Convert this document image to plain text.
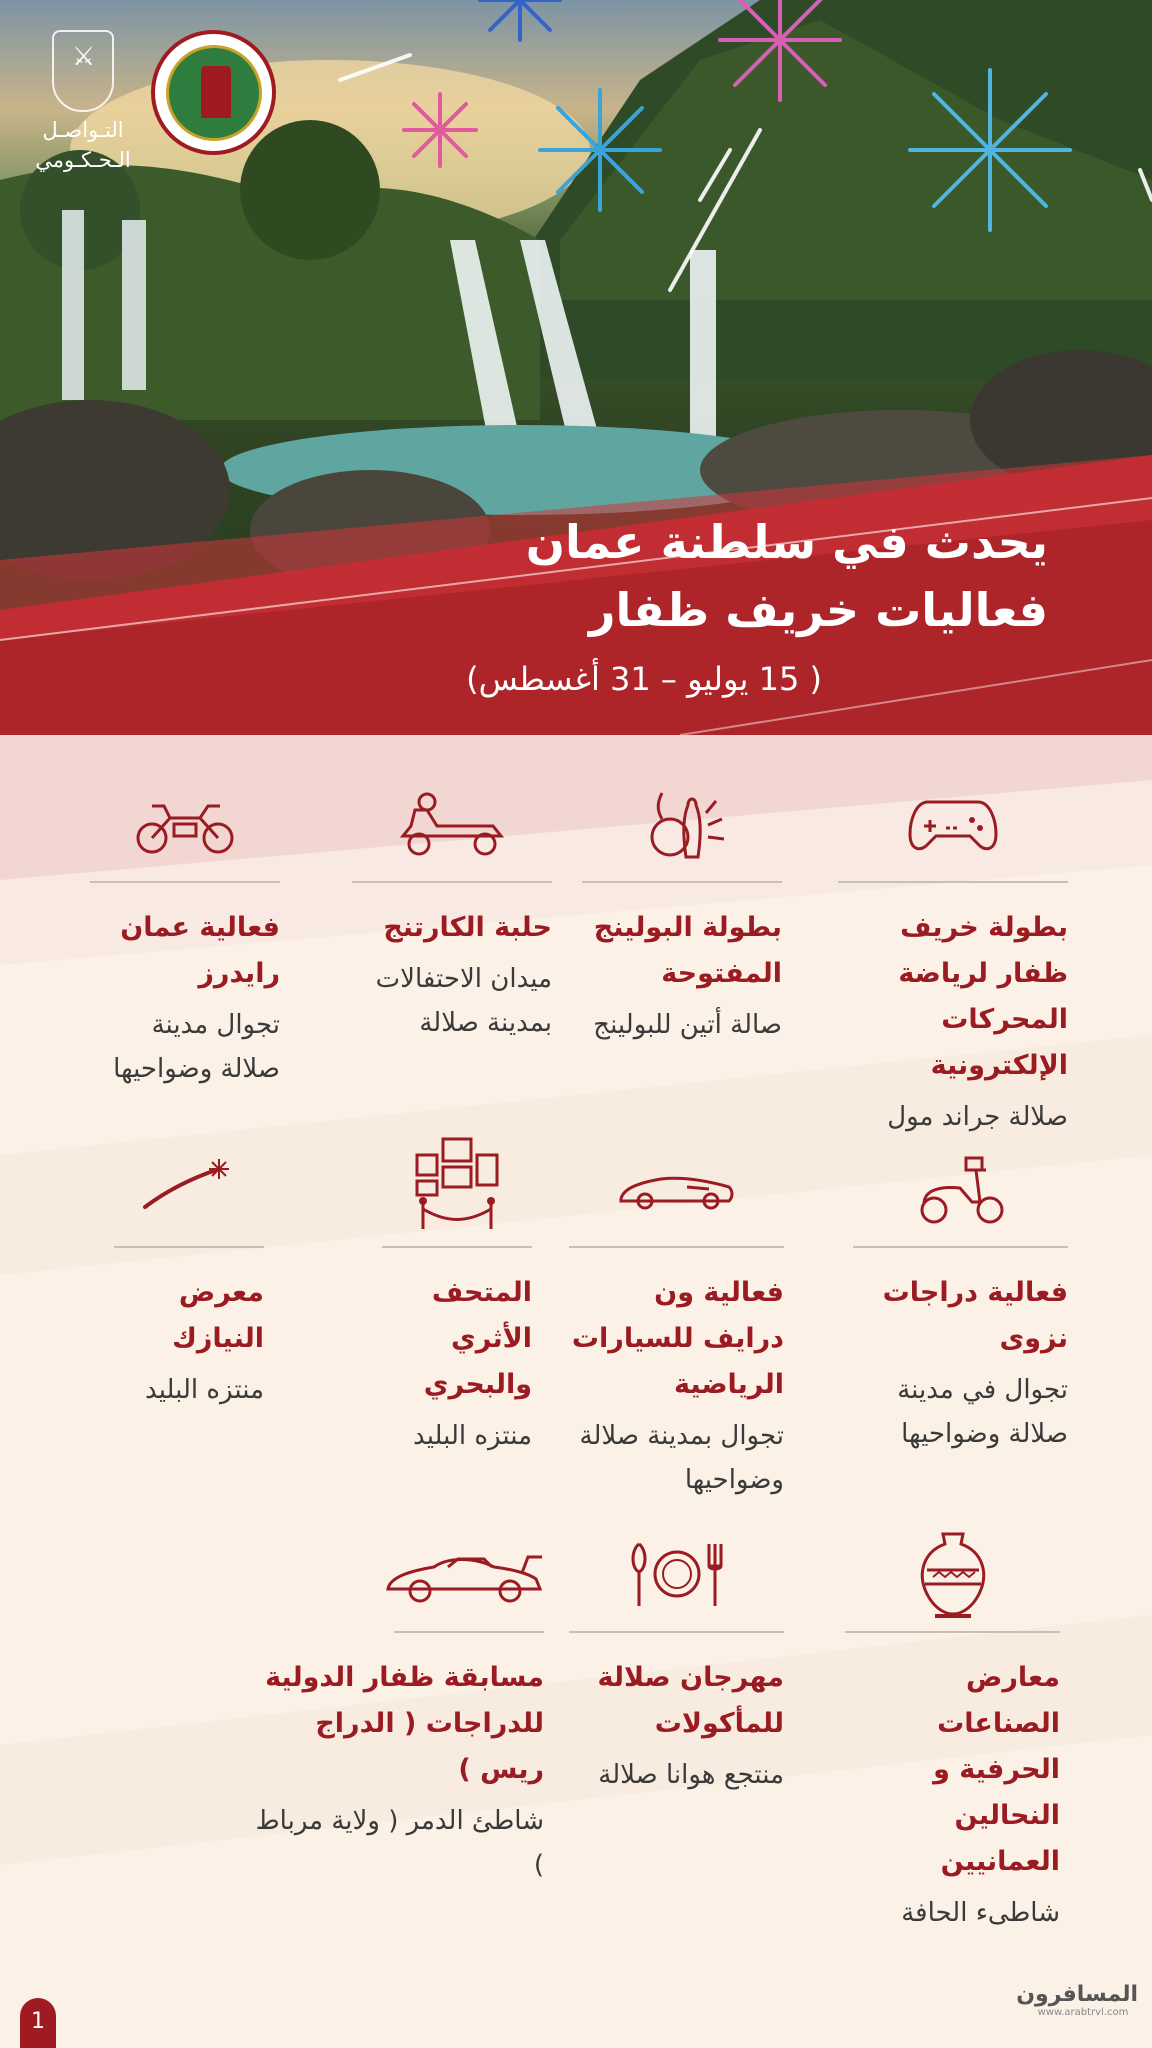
⚔
التـواصـل
الـحـكـومي
يحدث في سلطنة عمان
فعاليات خريف ظفار
( 15 يوليو – 31 أغسطس)
بطولة خريف ظفار لرياضة المحركات الإلكترونية
صلالة جراند مول
بطولة البولينج المفتوحة
صالة أتين للبولينج
حلبة الكارتنج
ميدان الاحتفالات بمدينة صلالة
فعالية عمان رايدرز
تجوال مدينة صلالة وضواحيها
فعالية دراجات نزوى
تجوال في مدينة صلالة وضواحيها
فعالية ون درايف للسيارات الرياضية
تجوال بمدينة صلالة وضواحيها
المتحف الأثري والبحري
منتزه البليد
معرض النيازك
منتزه البليد
معارض الصناعات الحرفية و النحالين العمانيين
شاطىء الحافة
مهرجان صلالة للمأكولات
منتجع هوانا صلالة
مسابقة ظفار الدولية للدراجات ( الدراج ريس )
شاطئ الدمر ( ولاية مرباط )
1
المسافرون
www.arabtrvl.com
